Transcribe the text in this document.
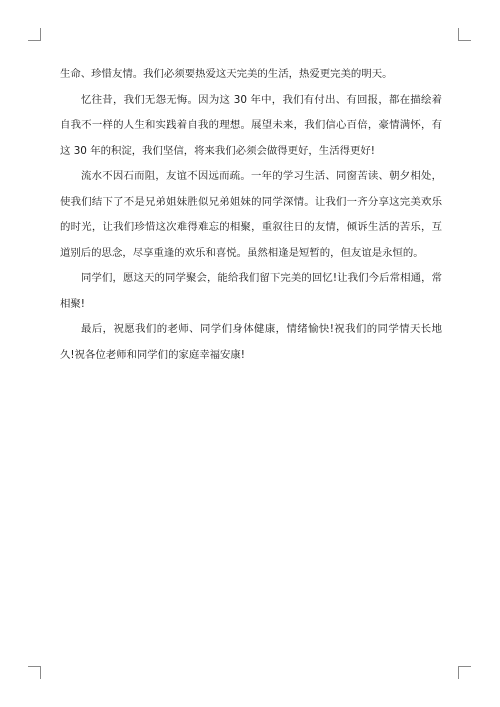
生命、珍惜友情。我们必须要热爱这天完美的生活，热爱更完美的明天。

忆往昔，我们无怨无悔。因为这 30 年中，我们有付出、有回报，都在描绘着自我不一样的人生和实践着自我的理想。展望未来，我们信心百倍，豪情满怀，有这 30 年的积淀，我们坚信，将来我们必须会做得更好，生活得更好!

流水不因石而阻，友谊不因远而疏。一年的学习生活、同窗苦读、朝夕相处，使我们结下了不是兄弟姐妹胜似兄弟姐妹的同学深情。让我们一齐分享这完美欢乐的时光，让我们珍惜这次难得难忘的相聚，重叙往日的友情，倾诉生活的苦乐，互道别后的思念，尽享重逢的欢乐和喜悦。虽然相逢是短暂的，但友谊是永恒的。

同学们，愿这天的同学聚会，能给我们留下完美的回忆!让我们今后常相通，常相聚!

最后，祝愿我们的老师、同学们身体健康，情绪愉快!祝我们的同学情天长地久!祝各位老师和同学们的家庭幸福安康!
